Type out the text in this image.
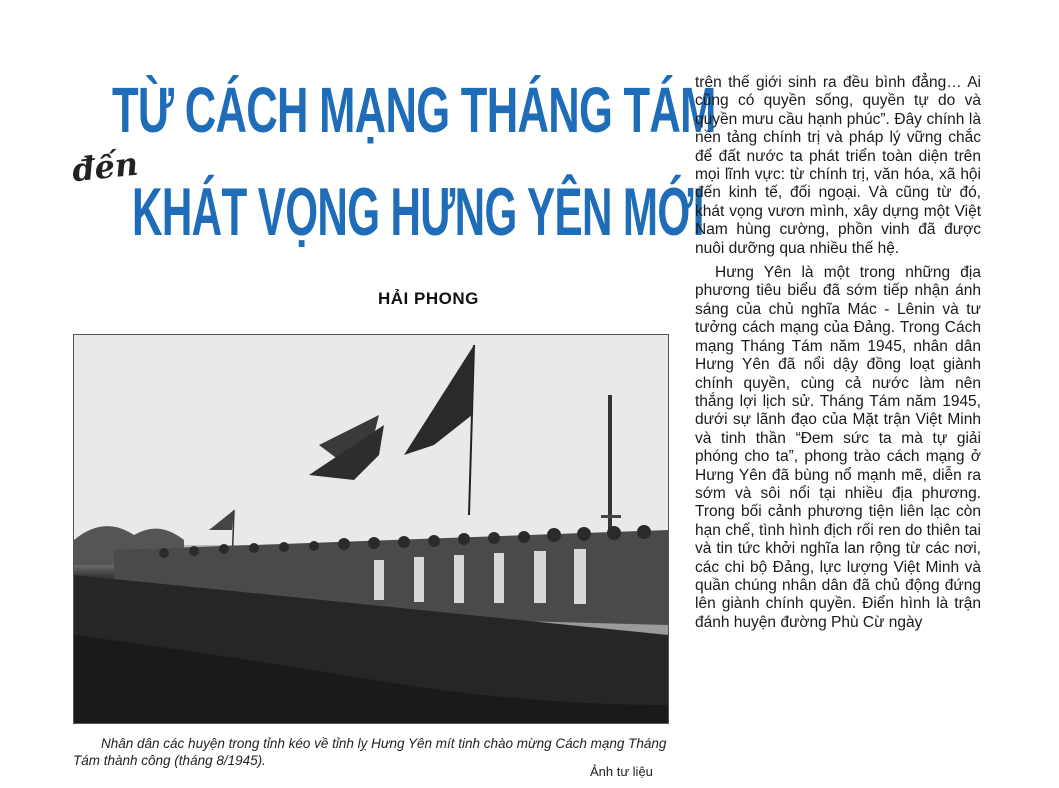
TỪ CÁCH MẠNG THÁNG TÁM
đến
KHÁT VỌNG HƯNG YÊN MỚI
HẢI PHONG
Nhân dân các huyện trong tỉnh kéo về tỉnh lỵ Hưng Yên mít tinh chào mừng Cách mạng Tháng Tám thành công (tháng 8/1945).
Ảnh tư liệu

trên thế giới sinh ra đều bình đẳng… Ai cũng có quyền sống, quyền tự do và quyền mưu cầu hạnh phúc”. Đây chính là nền tảng chính trị và pháp lý vững chắc để đất nước ta phát triển toàn diện trên mọi lĩnh vực: từ chính trị, văn hóa, xã hội đến kinh tế, đối ngoại. Và cũng từ đó, khát vọng vươn mình, xây dựng một Việt Nam hùng cường, phồn vinh đã được nuôi dưỡng qua nhiều thế hệ.

Hưng Yên là một trong những địa phương tiêu biểu đã sớm tiếp nhận ánh sáng của chủ nghĩa Mác - Lênin và tư tưởng cách mạng của Đảng. Trong Cách mạng Tháng Tám năm 1945, nhân dân Hưng Yên đã nổi dậy đồng loạt giành chính quyền, cùng cả nước làm nên thắng lợi lịch sử. Tháng Tám năm 1945, dưới sự lãnh đạo của Mặt trận Việt Minh và tinh thần “Đem sức ta mà tự giải phóng cho ta”, phong trào cách mạng ở Hưng Yên đã bùng nổ mạnh mẽ, diễn ra sớm và sôi nổi tại nhiều địa phương. Trong bối cảnh phương tiện liên lạc còn hạn chế, tình hình địch rối ren do thiên tai và tin tức khởi nghĩa lan rộng từ các nơi, các chi bộ Đảng, lực lượng Việt Minh và quần chúng nhân dân đã chủ động đứng lên giành chính quyền. Điển hình là trận đánh huyện đường Phù Cừ ngày
